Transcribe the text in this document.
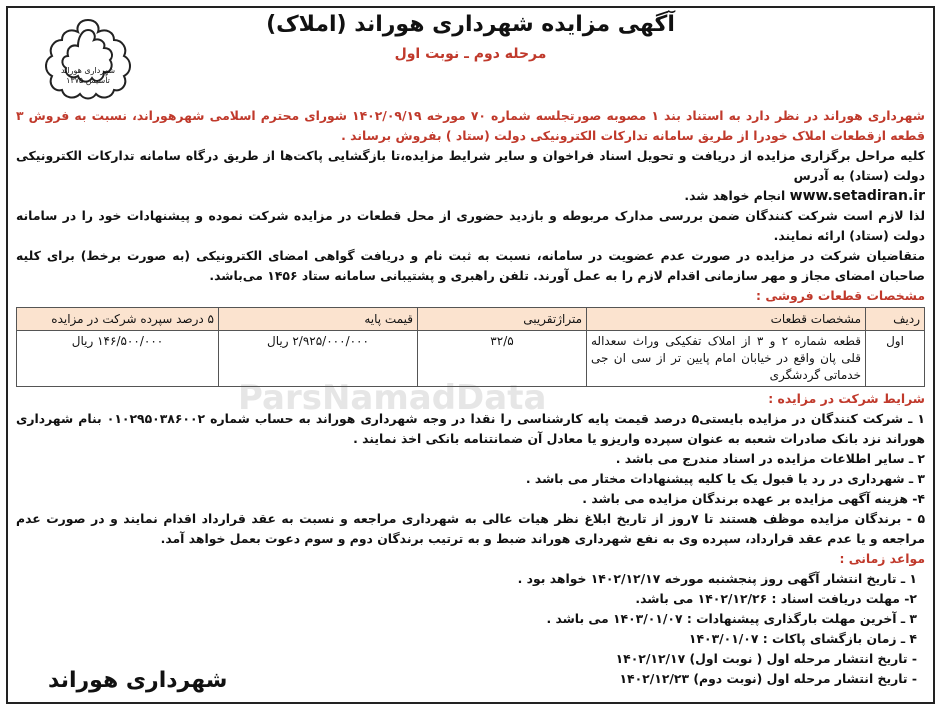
شهرداری هوراند
تأسیس ۱۳۷۵
آگهی مزایده شهرداری هوراند (املاک)
مرحله دوم ـ نوبت اول
ParsNamadData

شهرداری هوراند در نظر دارد به استناد بند ۱ مصوبه صورتجلسه شماره ۷۰ مورخه ۱۴۰۲/۰۹/۱۹ شورای محترم اسلامی شهرهوراند، نسبت به فروش ۳ قطعه ازقطعات املاک خودرا از طریق سامانه تدارکات الکترونیکی دولت (ستاد ) بفروش برساند .

کلیه مراحل برگزاری مزایده از دریافت و تحویل اسناد فراخوان و سایر شرایط مزایده،تا بازگشایی پاکت‌ها از طریق درگاه سامانه تدارکات الکترونیکی دولت (ستاد) به آدرس
www.setadiran.ir انجام خواهد شد.

لذا لازم است شرکت کنندگان ضمن بررسی مدارک مربوطه و بازدید حضوری از محل قطعات در مزایده شرکت نموده و پیشنهادات خود را در سامانه دولت (ستاد) ارائه نمایند.

متقاضیان شرکت در مزایده در صورت عدم عضویت در سامانه، نسبت به ثبت نام و دریافت گواهی امضای الکترونیکی (به صورت برخط) برای کلیه صاحبان امضای مجاز و مهر سازمانی اقدام لازم را به عمل آورند. تلفن راهبری و پشتیبانی سامانه ستاد ۱۴۵۶ می‌باشد.

مشخصات قطعات فروشی :

ردیف	مشخصات قطعات	متراژتقریبی	قیمت پایه	۵ درصد سپرده شرکت در مزایده
اول	قطعه شماره ۲ و ۳ از املاک تفکیکی وراث سعداله قلی پان واقع در خیابان امام پایین تر از سی ان جی خدماتی گردشگری	۳۲/۵	۲/۹۲۵/۰۰۰/۰۰۰ ریال	۱۴۶/۵۰۰/۰۰۰ ریال

شرایط شرکت در مزایده :

۱ ـ شرکت کنندگان در مزایده بایستی۵ درصد قیمت پایه کارشناسی را نقدا در وجه شهرداری هوراند به حساب شماره ۰۱۰۲۹۵۰۳۸۶۰۰۲ بنام شهرداری هوراند نزد بانک صادرات شعبه به عنوان سپرده واریزو یا معادل آن ضمانتنامه بانکی اخذ نمایند .

۲ ـ سایر اطلاعات مزایده در اسناد مندرج می باشد .

۳ ـ شهرداری در رد یا قبول یک یا کلیه پیشنهادات مختار می باشد .

۴- هزینه آگهی مزایده بر عهده برندگان مزایده می باشد .

۵ - برندگان مزایده موظف هستند تا ۷روز از تاریخ ابلاغ نظر هیات عالی به شهرداری مراجعه و نسبت به عقد قرارداد اقدام نمایند و در صورت عدم مراجعه و یا عدم عقد قرارداد، سپرده وی به نفع شهرداری هوراند ضبط و به ترتیب برندگان دوم و سوم دعوت بعمل خواهد آمد.

مواعد زمانی :

۱ ـ تاریخ انتشار آگهی روز پنجشنبه مورخه ۱۴۰۲/۱۲/۱۷ خواهد بود .

۲- مهلت دریافت اسناد : ۱۴۰۲/۱۲/۲۶ می باشد.

۳ ـ آخرین مهلت بارگذاری پیشنهادات : ۱۴۰۳/۰۱/۰۷ می باشد .

۴ ـ زمان بازگشای پاکات : ۱۴۰۳/۰۱/۰۷

- تاریخ انتشار مرحله اول ( نوبت اول) ۱۴۰۲/۱۲/۱۷

- تاریخ انتشار مرحله اول (نوبت دوم) ۱۴۰۲/۱۲/۲۳

شهرداری هوراند
